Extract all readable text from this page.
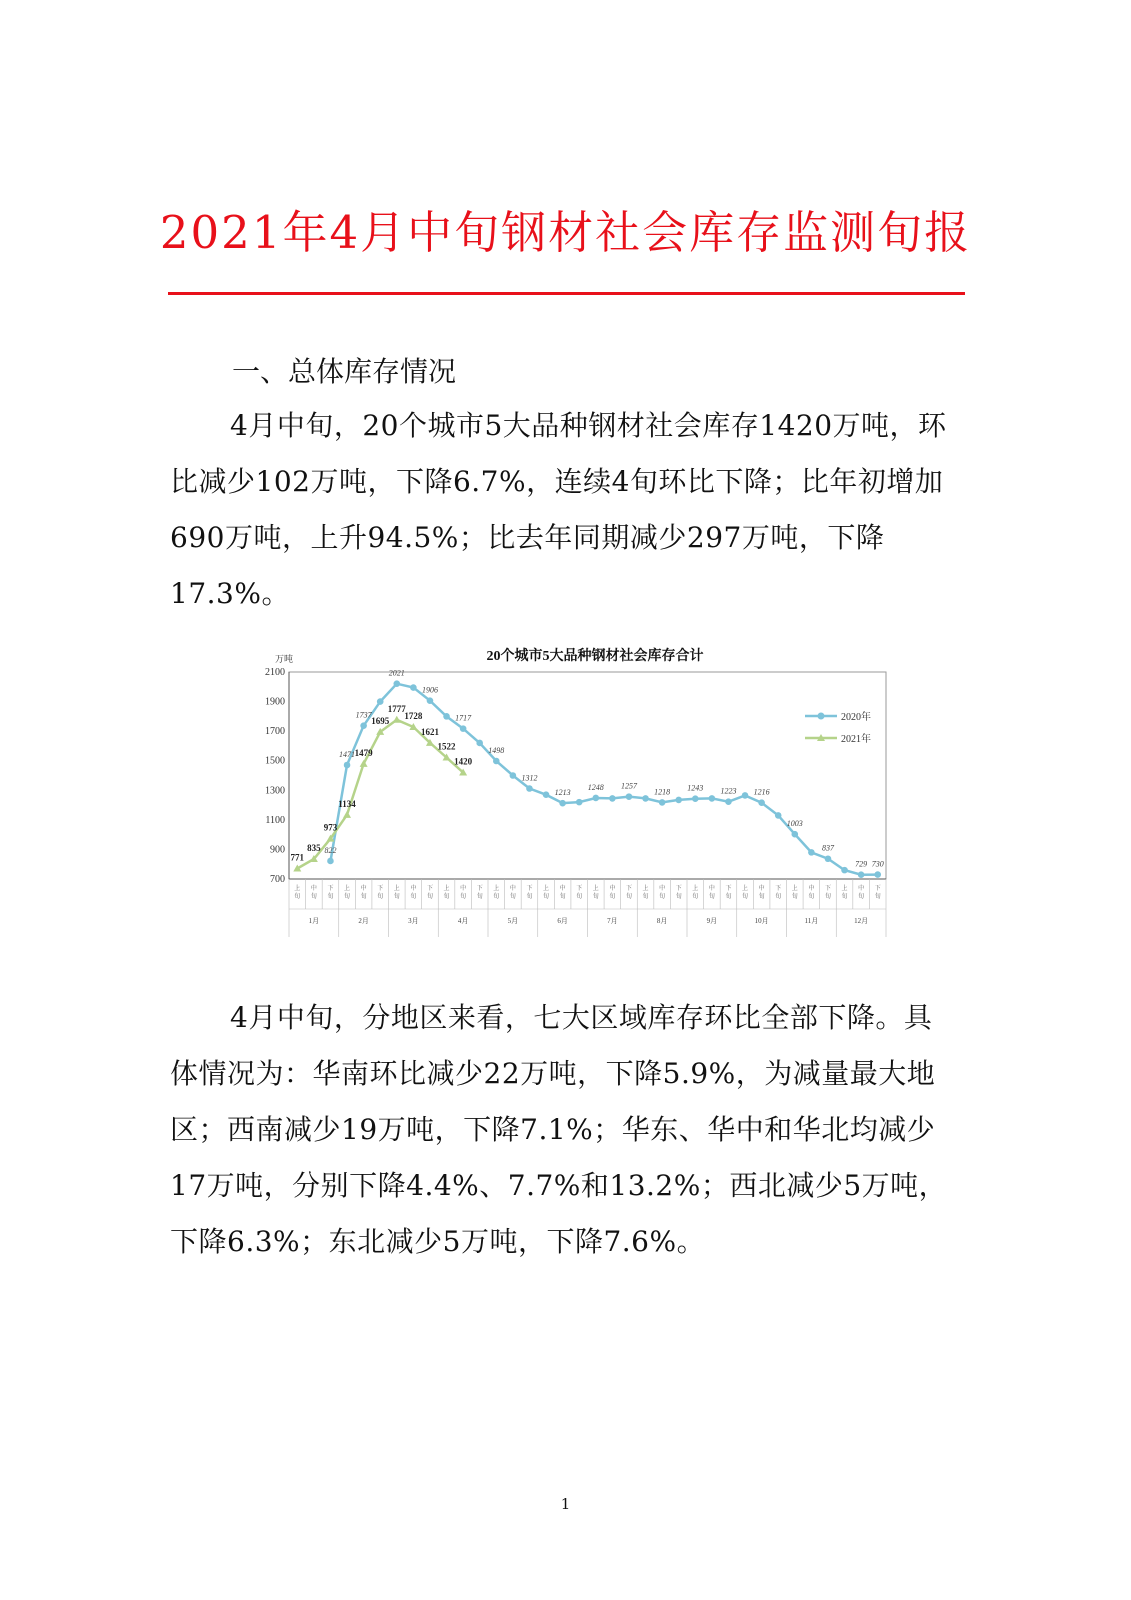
2021年4月中旬钢材社会库存监测旬报
一、总体库存情况

4月中旬，20个城市5大品种钢材社会库存1420万吨，环比减少102万吨，下降6.7%，连续4旬环比下降；比年初增加690万吨，上升94.5%；比去年同期减少297万吨，下降17.3%。

20个城市5大品种钢材社会库存合计
万吨
700
900
1100
1300
1500
1700
1900
2100
上旬
中旬
下旬
上旬
中旬
下旬
上旬
中旬
下旬
上旬
中旬
下旬
上旬
中旬
下旬
上旬
中旬
下旬
上旬
中旬
下旬
上旬
中旬
下旬
上旬
中旬
下旬
上旬
中旬
下旬
上旬
中旬
下旬
上旬
中旬
下旬
1月	2月	3月	4月	5月	6月	7月	8月	9月	10月	11月	12月
822
1471
1737
2021
1906
1717
1498
1312
1213
1248 1257
1218 1243 1223 1216
1003
837
729 730
771
835
973
1134
1479
1695
1777
1728
1621
1522
1420
2020年
2021年

4月中旬，分地区来看，七大区域库存环比全部下降。具体情况为：华南环比减少22万吨，下降5.9%，为减量最大地区；西南减少19万吨，下降7.1%；华东、华中和华北均减少17万吨，分别下降4.4%、7.7%和13.2%；西北减少5万吨，下降6.3%；东北减少5万吨，下降7.6%。

1
